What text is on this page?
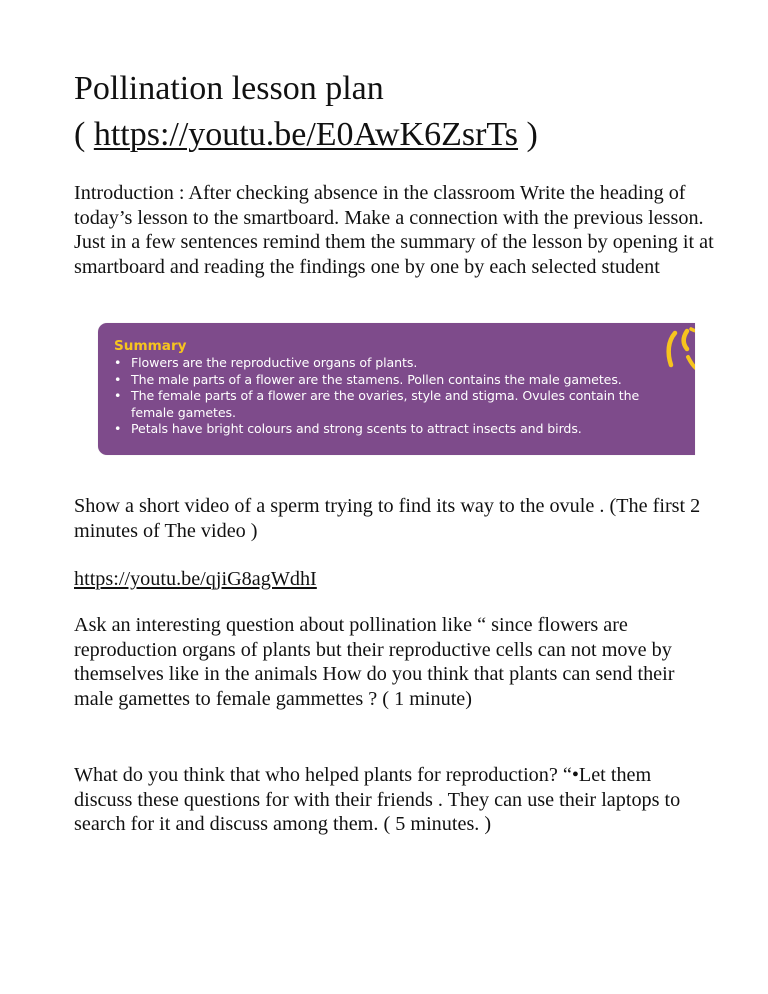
Pollination lesson plan
( https://youtu.be/E0AwK6ZsrTs )

Introduction : After checking absence in the classroom Write the heading of today’s lesson to the smartboard. Make a connection with the previous lesson. Just in a few sentences remind them the summary of the lesson by opening it at smartboard and reading the findings one by one by each selected student

Show a short video of a sperm trying to find its way to the ovule . (The first 2 minutes of The video )

https://youtu.be/qjiG8agWdhI

Ask an interesting question about pollination like “ since flowers are reproduction organs of plants but their reproductive cells can not move by themselves like in the animals How do you think that plants can send their male gamettes to female gammettes ? ( 1 minute)

What do you think that who helped plants for reproduction? “•Let them discuss these questions for with their friends . They can use their laptops to search for it and discuss among them. ( 5 minutes. )

Summary

• Flowers are the reproductive organs of plants.
• The male parts of a flower are the stamens. Pollen contains the male gametes.
• The female parts of a flower are the ovaries, style and stigma. Ovules contain the female gametes.
• Petals have bright colours and strong scents to attract insects and birds.
